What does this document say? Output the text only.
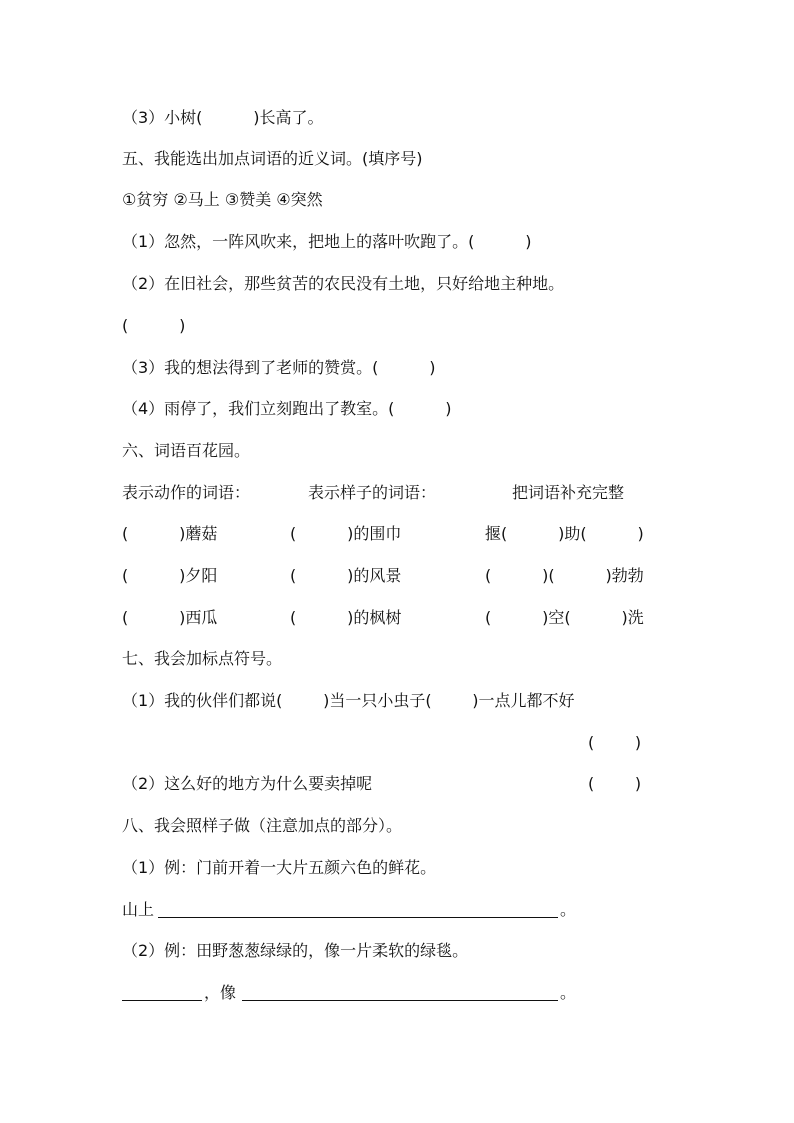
（3）小树(          )长高了。
五、我能选出加点词语的近义词。(填序号)
①贫穷 ②马上 ③赞美 ④突然
（1）忽然，一阵风吹来，把地上的落叶吹跑了。(          )
（2）在旧社会，那些贫苦的农民没有土地，只好给地主种地。
(          )
（3）我的想法得到了老师的赞赏。(          )
（4）雨停了，我们立刻跑出了教室。(          )
六、词语百花园。
表示动作的词语：	表示样子的词语：	把词语补充完整
(          )蘑菇	(          )的围巾	揠(          )助(          )
(          )夕阳	(          )的风景	(          )(          )勃勃
(          )西瓜	(          )的枫树	(          )空(          )洗
七、我会加标点符号。
（1）我的伙伴们都说(        )当一只小虫子(        )一点儿都不好
(        )
（2）这么好的地方为什么要卖掉呢	(        )
八、我会照样子做（注意加点的部分）。
（1）例：门前开着一大片五颜六色的鲜花。
山上	。
（2）例：田野葱葱绿绿的，像一片柔软的绿毯。
，像	。
